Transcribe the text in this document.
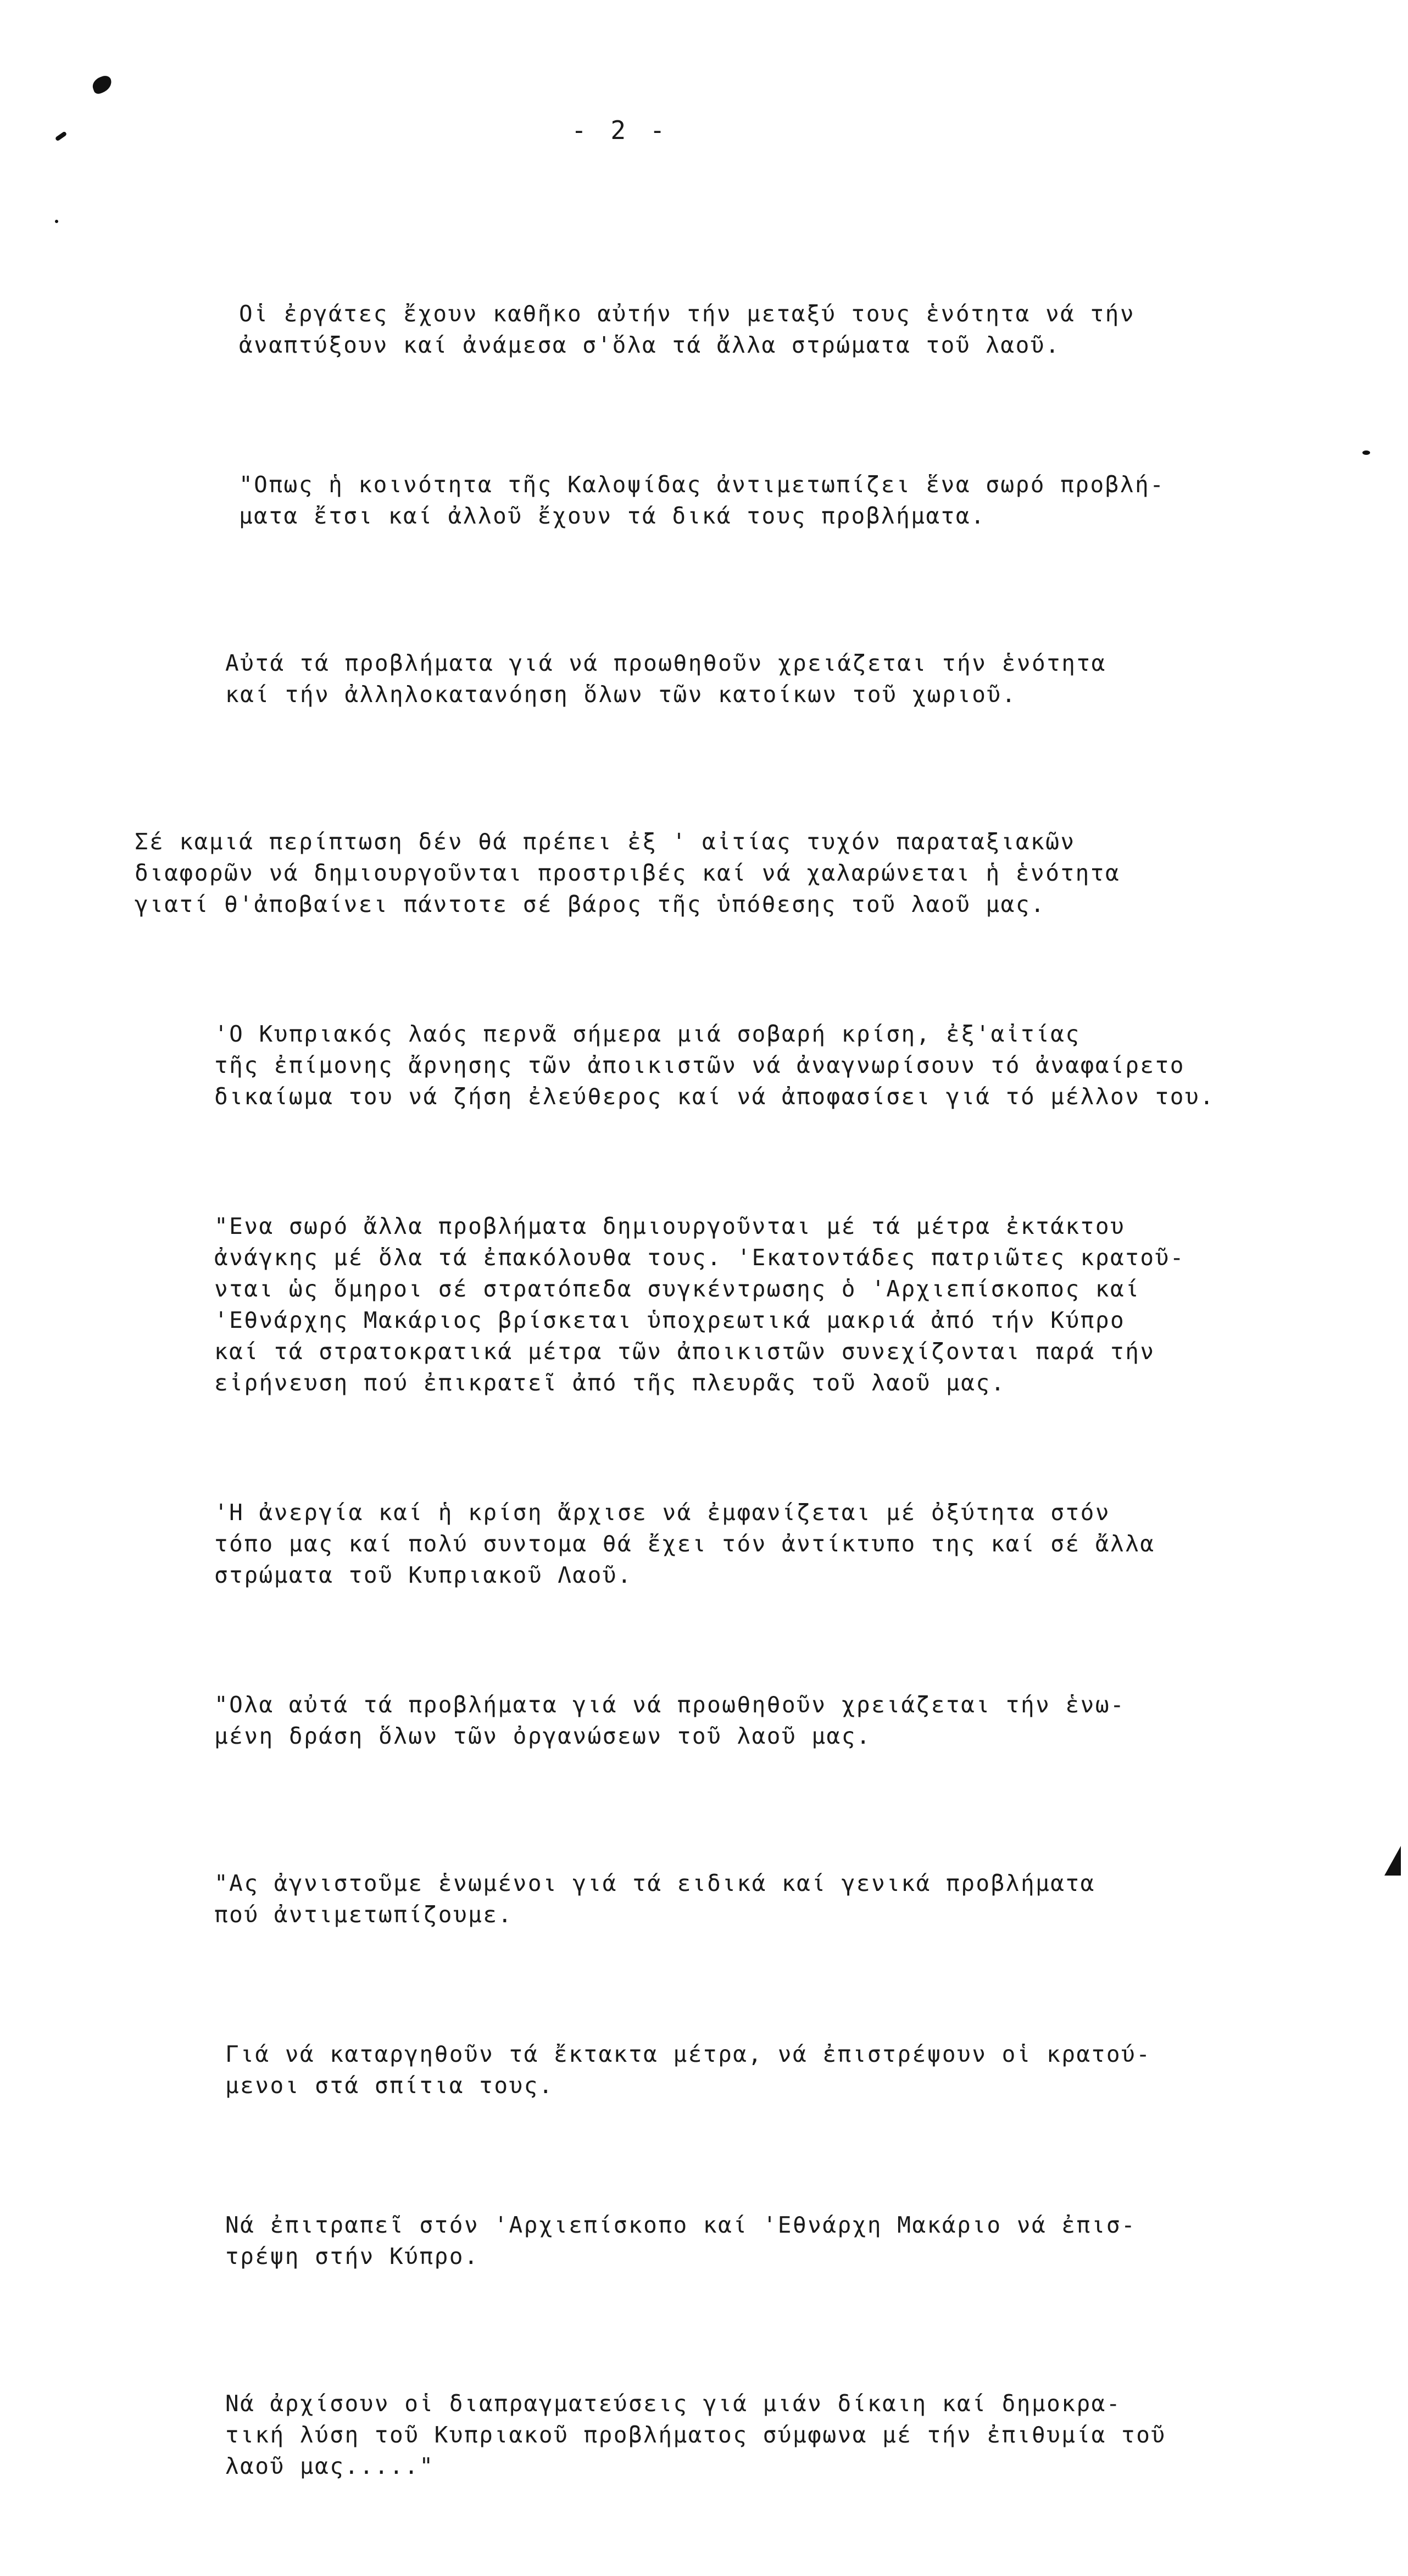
- 2 -

Οἱ ἐργάτες ἔχουν καθῆκο αὐτήν τήν μεταξύ τους ἑνότητα νά τήν
ἀναπτύξουν καί ἀνάμεσα σ'ὅλα τά ἄλλα στρώματα τοῦ λαοῦ.

"Οπως ἡ κοινότητα τῆς Καλοψίδας ἀντιμετωπίζει ἕνα σωρό προβλή-
ματα ἔτσι καί ἀλλοῦ ἔχουν τά δικά τους προβλήματα.

Αὐτά τά προβλήματα γιά νά προωθηθοῦν χρειάζεται τήν ἑνότητα
καί τήν ἀλληλοκατανόηση ὅλων τῶν κατοίκων τοῦ χωριοῦ.

Σέ καμιά περίπτωση δέν θά πρέπει ἐξ ' αἰτίας τυχόν παραταξιακῶν
διαφορῶν νά δημιουργοῦνται προστριβές καί νά χαλαρώνεται ἡ ἑνότητα
γιατί θ'ἀποβαίνει πάντοτε σέ βάρος τῆς ὑπόθεσης τοῦ λαοῦ μας.

'Ο Κυπριακός λαός περνᾶ σήμερα μιά σοβαρή κρίση, ἐξ'αἰτίας
τῆς ἐπίμονης ἄρνησης τῶν ἀποικιστῶν νά ἀναγνωρίσουν τό ἀναφαίρετο
δικαίωμα του νά ζήση ἐλεύθερος καί νά ἀποφασίσει γιά τό μέλλον του.

"Ενα σωρό ἄλλα προβλήματα δημιουργοῦνται μέ τά μέτρα ἐκτάκτου
ἀνάγκης μέ ὅλα τά ἐπακόλουθα τους. 'Εκατοντάδες πατριῶτες κρατοῦ-
νται ὡς ὅμηροι σέ στρατόπεδα συγκέντρωσης ὁ 'Αρχιεπίσκοπος καί
'Εθνάρχης Μακάριος βρίσκεται ὑποχρεωτικά μακριά ἀπό τήν Κύπρο
καί τά στρατοκρατικά μέτρα τῶν ἀποικιστῶν συνεχίζονται παρά τήν
εἰρήνευση πού ἐπικρατεῖ ἀπό τῆς πλευρᾶς τοῦ λαοῦ μας.

'Η ἀνεργία καί ἡ κρίση ἄρχισε νά ἐμφανίζεται μέ ὀξύτητα στόν
τόπο μας καί πολύ συντομα θά ἔχει τόν ἀντίκτυπο της καί σέ ἄλλα
στρώματα τοῦ Κυπριακοῦ Λαοῦ.

"Ολα αὐτά τά προβλήματα γιά νά προωθηθοῦν χρειάζεται τήν ἑνω-
μένη δράση ὅλων τῶν ὀργανώσεων τοῦ λαοῦ μας.

"Ας ἀγνιστοῦμε ἑνωμένοι γιά τά ειδικά καί γενικά προβλήματα
πού ἀντιμετωπίζουμε.

Γιά νά καταργηθοῦν τά ἔκτακτα μέτρα, νά ἐπιστρέψουν οἱ κρατού-
μενοι στά σπίτια τους.

Νά ἐπιτραπεῖ στόν 'Αρχιεπίσκοπο καί 'Εθνάρχη Μακάριο νά ἐπισ-
τρέψη στήν Κύπρο.

Νά ἀρχίσουν οἱ διαπραγματεύσεις γιά μιάν δίκαιη καί δημοκρα-
τική λύση τοῦ Κυπριακοῦ προβλήματος σύμφωνα μέ τήν ἐπιθυμία τοῦ
λαοῦ μας....."
